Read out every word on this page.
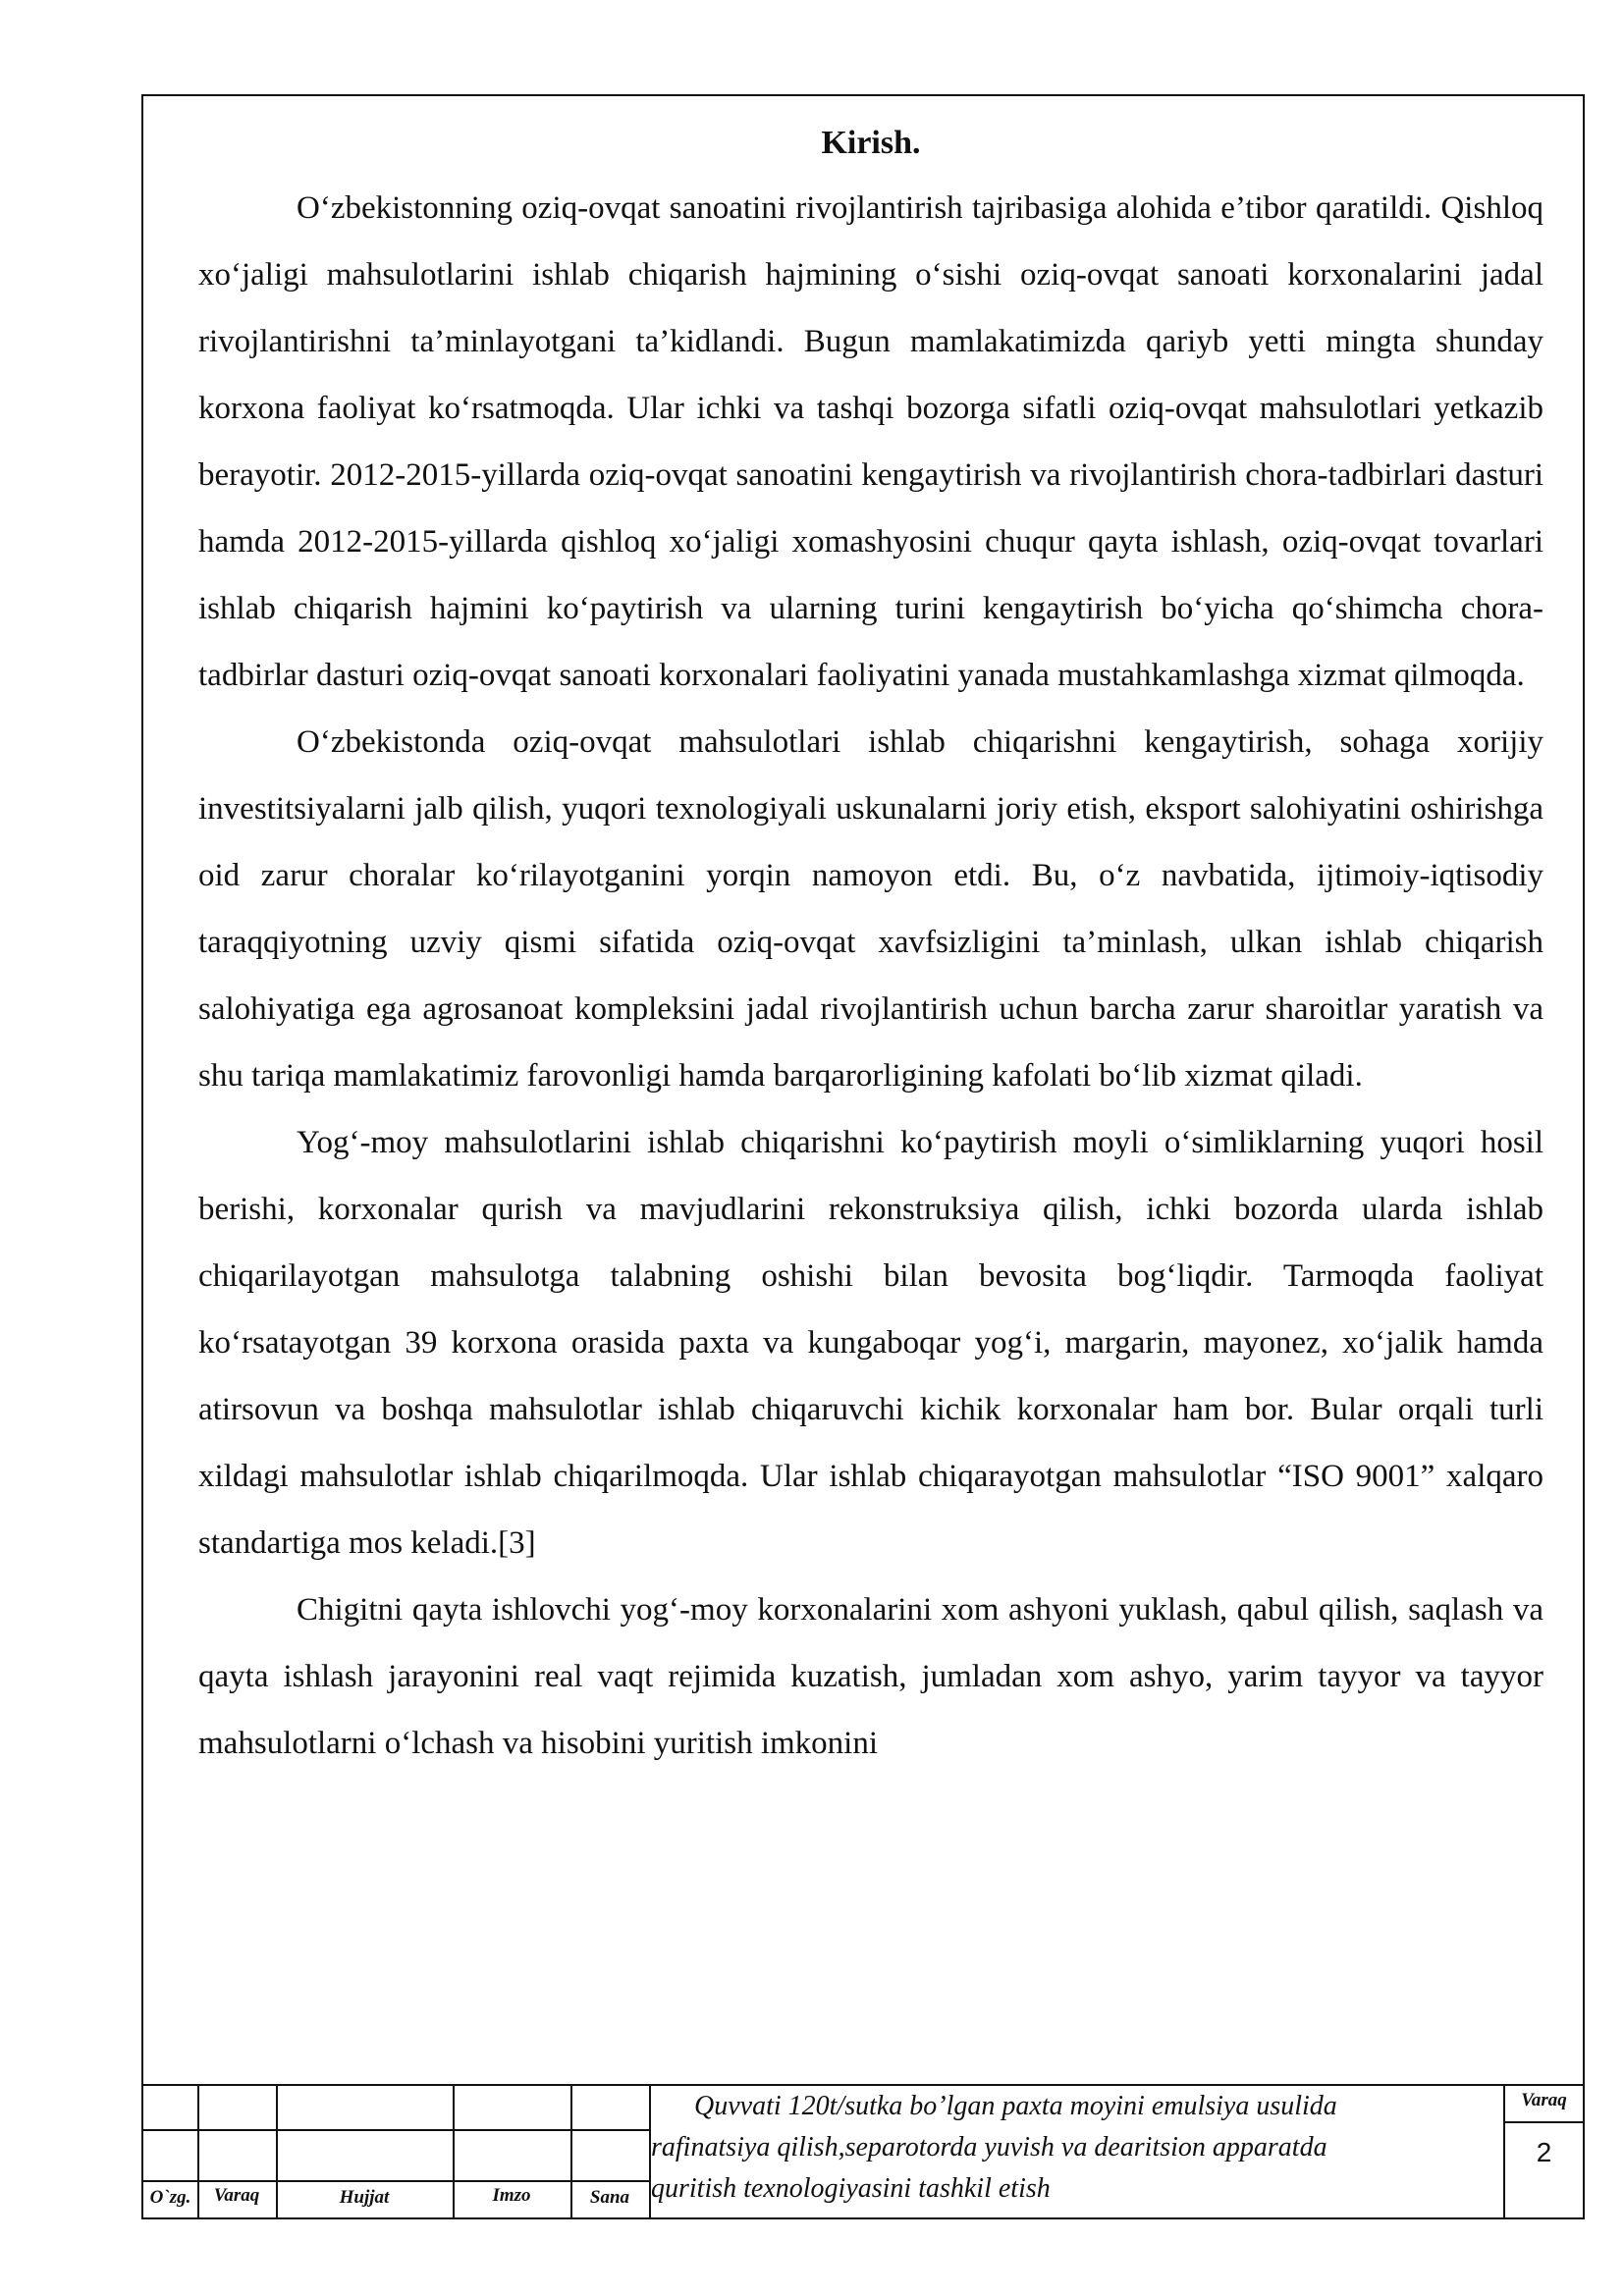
Kirish.

O‘zbekistonning oziq-ovqat sanoatini rivojlantirish tajribasiga alohida e’tibor qaratildi. Qishloq xo‘jaligi mahsulotlarini ishlab chiqarish hajmining o‘sishi oziq-ovqat sanoati korxonalarini jadal rivojlantirishni ta’minlayotgani ta’kidlandi. Bugun mamlakatimizda qariyb yetti mingta shunday korxona faoliyat ko‘rsatmoqda. Ular ichki va tashqi bozorga sifatli oziq-ovqat mahsulotlari yetkazib berayotir. 2012-2015-yillarda oziq-ovqat sanoatini kengaytirish va rivojlantirish chora-tadbirlari dasturi hamda 2012-2015-yillarda qishloq xo‘jaligi xomashyosini chuqur qayta ishlash, oziq-ovqat tovarlari ishlab chiqarish hajmini ko‘paytirish va ularning turini kengaytirish bo‘yicha qo‘shimcha chora-tadbirlar dasturi oziq-ovqat sanoati korxonalari faoliyatini yanada mustahkamlashga xizmat qilmoqda.

O‘zbekistonda oziq-ovqat mahsulotlari ishlab chiqarishni kengaytirish, sohaga xorijiy investitsiyalarni jalb qilish, yuqori texnologiyali uskunalarni joriy etish, eksport salohiyatini oshirishga oid zarur choralar ko‘rilayotganini yorqin namoyon etdi. Bu, o‘z navbatida, ijtimoiy-iqtisodiy taraqqiyotning uzviy qismi sifatida oziq-ovqat xavfsizligini ta’minlash, ulkan ishlab chiqarish salohiyatiga ega agrosanoat kompleksini jadal rivojlantirish uchun barcha zarur sharoitlar yaratish va shu tariqa mamlakatimiz farovonligi hamda barqarorligining kafolati bo‘lib xizmat qiladi.

Yog‘-moy mahsulotlarini ishlab chiqarishni ko‘paytirish moyli o‘simliklarning yuqori hosil berishi, korxonalar qurish va mavjudlarini rekonstruksiya qilish, ichki bozorda ularda ishlab chiqarilayotgan mahsulotga talabning oshishi bilan bevosita bog‘liqdir. Tarmoqda faoliyat ko‘rsatayotgan 39 korxona orasida paxta va kungaboqar yog‘i, margarin, mayonez, xo‘jalik hamda atirsovun va boshqa mahsulotlar ishlab chiqaruvchi kichik korxonalar ham bor. Bular orqali turli xildagi mahsulotlar ishlab chiqarilmoqda. Ular ishlab chiqarayotgan mahsulotlar “ISO 9001” xalqaro standartiga mos keladi.[3]

Chigitni qayta ishlovchi yog‘-moy korxonalarini xom ashyoni yuklash, qabul qilish, saqlash va qayta ishlash jarayonini real vaqt rejimida kuzatish, jumladan xom ashyo, yarim tayyor va tayyor mahsulotlarni o‘lchash va hisobini yuritish imkonini

O`zg.	Varaq	Hujjat	Imzo	Sana
Quvvati 120t/sutka bo’lgan paxta moyini emulsiya usulida
rafinatsiya qilish,separotorda yuvish va dearitsion apparatda
quritish texnologiyasini tashkil etish
Varaq
2
